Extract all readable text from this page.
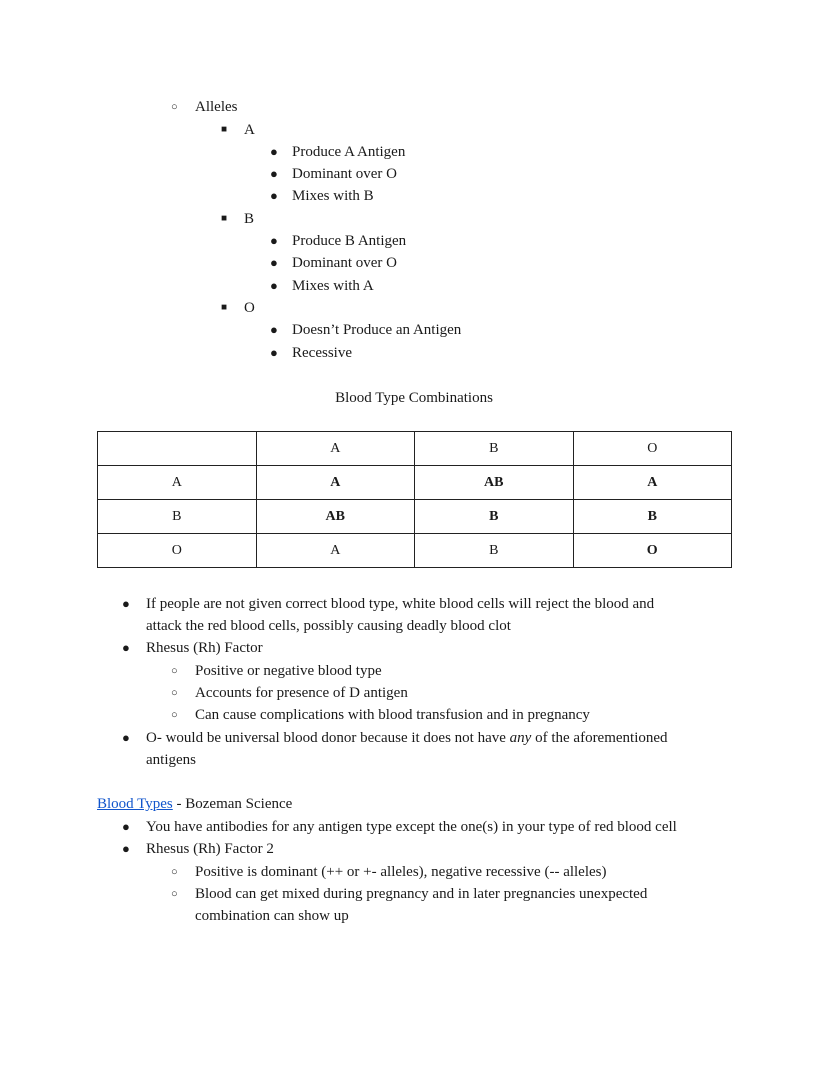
○ Alleles
■ A
● Produce A Antigen
● Dominant over O
● Mixes with B
■ B
● Produce B Antigen
● Dominant over O
● Mixes with A
■ O
● Doesn’t Produce an Antigen
● Recessive
Blood Type Combinations
	A	B	O
A	A	AB	A
B	AB	B	B
O	A	B	O
● If people are not given correct blood type, white blood cells will reject the blood and
attack the red blood cells, possibly causing deadly blood clot
● Rhesus (Rh) Factor
○ Positive or negative blood type
○ Accounts for presence of D antigen
○ Can cause complications with blood transfusion and in pregnancy
● O- would be universal blood donor because it does not have any of the aforementioned
antigens
Blood Types - Bozeman Science
● You have antibodies for any antigen type except the one(s) in your type of red blood cell
● Rhesus (Rh) Factor 2
○ Positive is dominant (++ or +- alleles), negative recessive (-- alleles)
○ Blood can get mixed during pregnancy and in later pregnancies unexpected
combination can show up
